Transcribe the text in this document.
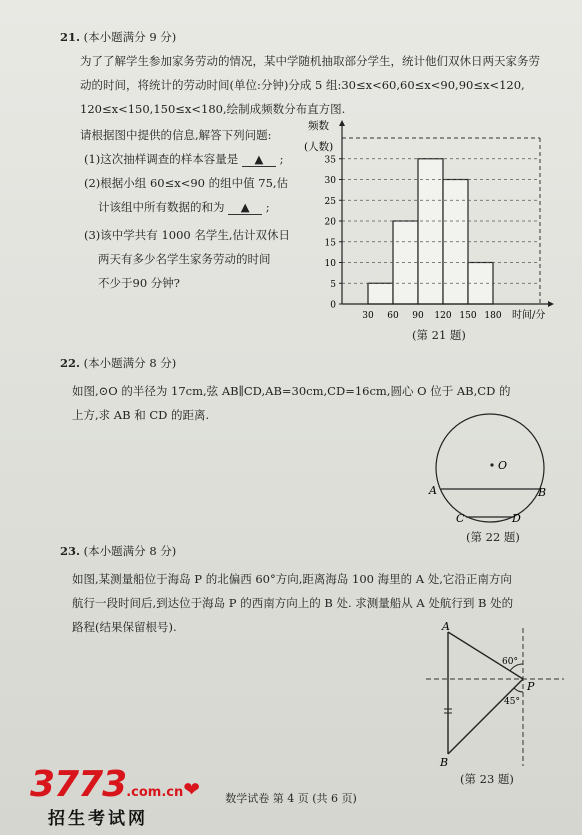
21. (本小题满分 9 分)
为了了解学生参加家务劳动的情况，某中学随机抽取部分学生，统计他们双休日两天家务劳
动的时间，将统计的劳动时间(单位:分钟)分成 5 组:30≤x<60,60≤x<90,90≤x<120,
120≤x<150,150≤x<180,绘制成频数分布直方图.
请根据图中提供的信息,解答下列问题:
(1)这次抽样调查的样本容量是 ▲ ;
(2)根据小组 60≤x<90 的组中值 75,估
计该组中所有数据的和为 ▲ ;
(3)该中学共有 1000 名学生,估计双休日
两天有多少名学生家务劳动的时间
不少于90 分钟?	5
10
15
20
25
30
35
0
30 60 90 120 150 180
频数
(人数)
时间/分
(第 21 题)
22. (本小题满分 8 分)
如图,⊙O 的半径为 17cm,弦 AB∥CD,AB=30cm,CD=16cm,圆心 O 位于 AB,CD 的
上方,求 AB 和 CD 的距离.
O
A	B
C	D
(第 22 题)
23. (本小题满分 8 分)
如图,某测量船位于海岛 P 的北偏西 60°方向,距离海岛 100 海里的 A 处,它沿正南方向
航行一段时间后,到达位于海岛 P 的西南方向上的 B 处. 求测量船从 A 处航行到 B 处的
路程(结果保留根号).	A
B
P
60°
45°
(第 23 题)
数学试卷 第 4 页 (共 6 页)
3773.com.cn❤
招生考试网
